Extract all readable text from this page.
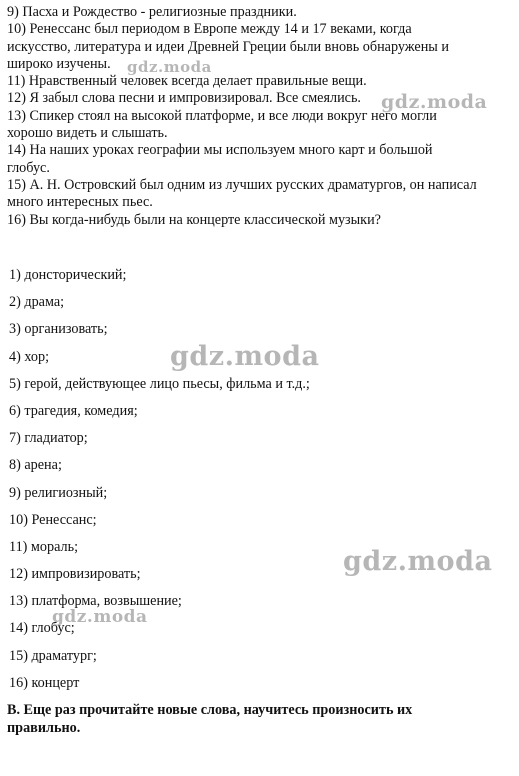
9) Пасха и Рождество - религиозные праздники.

10) Ренессанс был периодом в Европе между 14 и 17 веками, когда
искусство, литература и идеи Древней Греции были вновь обнаружены и
широко изучены.

11) Нравственный человек всегда делает правильные вещи.

12) Я забыл слова песни и импровизировал. Все смеялись.

13) Спикер стоял на высокой платформе, и все люди вокруг него могли
хорошо видеть и слышать.

14) На наших уроках географии мы используем много карт и большой
глобус.

15) А. Н. Островский был одним из лучших русских драматургов, он написал
много интересных пьес.

16) Вы когда-нибудь были на концерте классической музыки?

1) донсторический;

2) драма;

3) организовать;

4) хор;

5) герой, действующее лицо пьесы, фильма и т.д.;

6) трагедия, комедия;

7) гладиатор;

8) арена;

9) религиозный;

10) Ренессанс;

11) мораль;

12) импровизировать;

13) платформа, возвышение;

14) глобус;

15) драматург;

16) концерт

В. Еще раз прочитайте новые слова, научитесь произносить их
правильно.

gdz.moda
gdz.moda
gdz.moda
gdz.moda
gdz.moda
